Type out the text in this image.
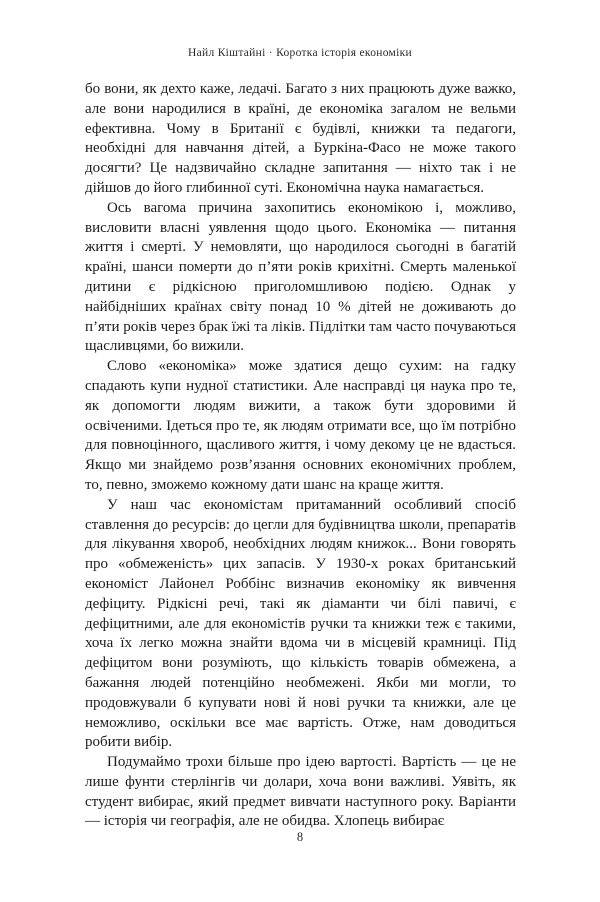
Найл Кіштайні · Коротка історія економіки

бо вони, як дехто каже, ледачі. Багато з них працюють дуже важко, але вони народилися в країні, де економіка загалом не вельми ефективна. Чому в Британії є будівлі, книжки та педагоги, необхідні для навчання дітей, а Буркіна-Фасо не може такого досягти? Це надзвичайно складне запитання — ніхто так і не дійшов до його глибинної суті. Економічна наука намагається.

Ось вагома причина захопитись економікою і, можливо, висловити власні уявлення щодо цього. Економіка — питання життя і смерті. У немовляти, що народилося сьогодні в багатій країні, шанси померти до п’яти років крихітні. Смерть маленької дитини є рідкісною приголомшливою подією. Однак у найбідніших країнах світу понад 10 % дітей не доживають до п’яти років через брак їжі та ліків. Підлітки там часто почуваються щасливцями, бо вижили.

Слово «економіка» може здатися дещо сухим: на гадку спадають купи нудної статистики. Але насправді ця наука про те, як допомогти людям вижити, а також бути здоровими й освіченими. Ідеться про те, як людям отримати все, що їм потрібно для повноцінного, щасливого життя, і чому декому це не вдасться. Якщо ми знайдемо розв’язання основних економічних проблем, то, певно, зможемо кожному дати шанс на краще життя.

У наш час економістам притаманний особливий спосіб ставлення до ресурсів: до цегли для будівництва школи, препаратів для лікування хвороб, необхідних людям книжок... Вони говорять про «обмеженість» цих запасів. У 1930-х роках британський економіст Лайонел Роббінс визначив економіку як вивчення дефіциту. Рідкісні речі, такі як діаманти чи білі павичі, є дефіцитними, але для економістів ручки та книжки теж є такими, хоча їх легко можна знайти вдома чи в місцевій крамниці. Під дефіцитом вони розуміють, що кількість товарів обмежена, а бажання людей потенційно необмежені. Якби ми могли, то продовжували б купувати нові й нові ручки та книжки, але це неможливо, оскільки все має вартість. Отже, нам доводиться робити вибір.

Подумаймо трохи більше про ідею вартості. Вартість — це не лише фунти стерлінгів чи долари, хоча вони важливі. Уявіть, як студент вибирає, який предмет вивчати наступного року. Варіанти — історія чи географія, але не обидва. Хлопець вибирає

8
